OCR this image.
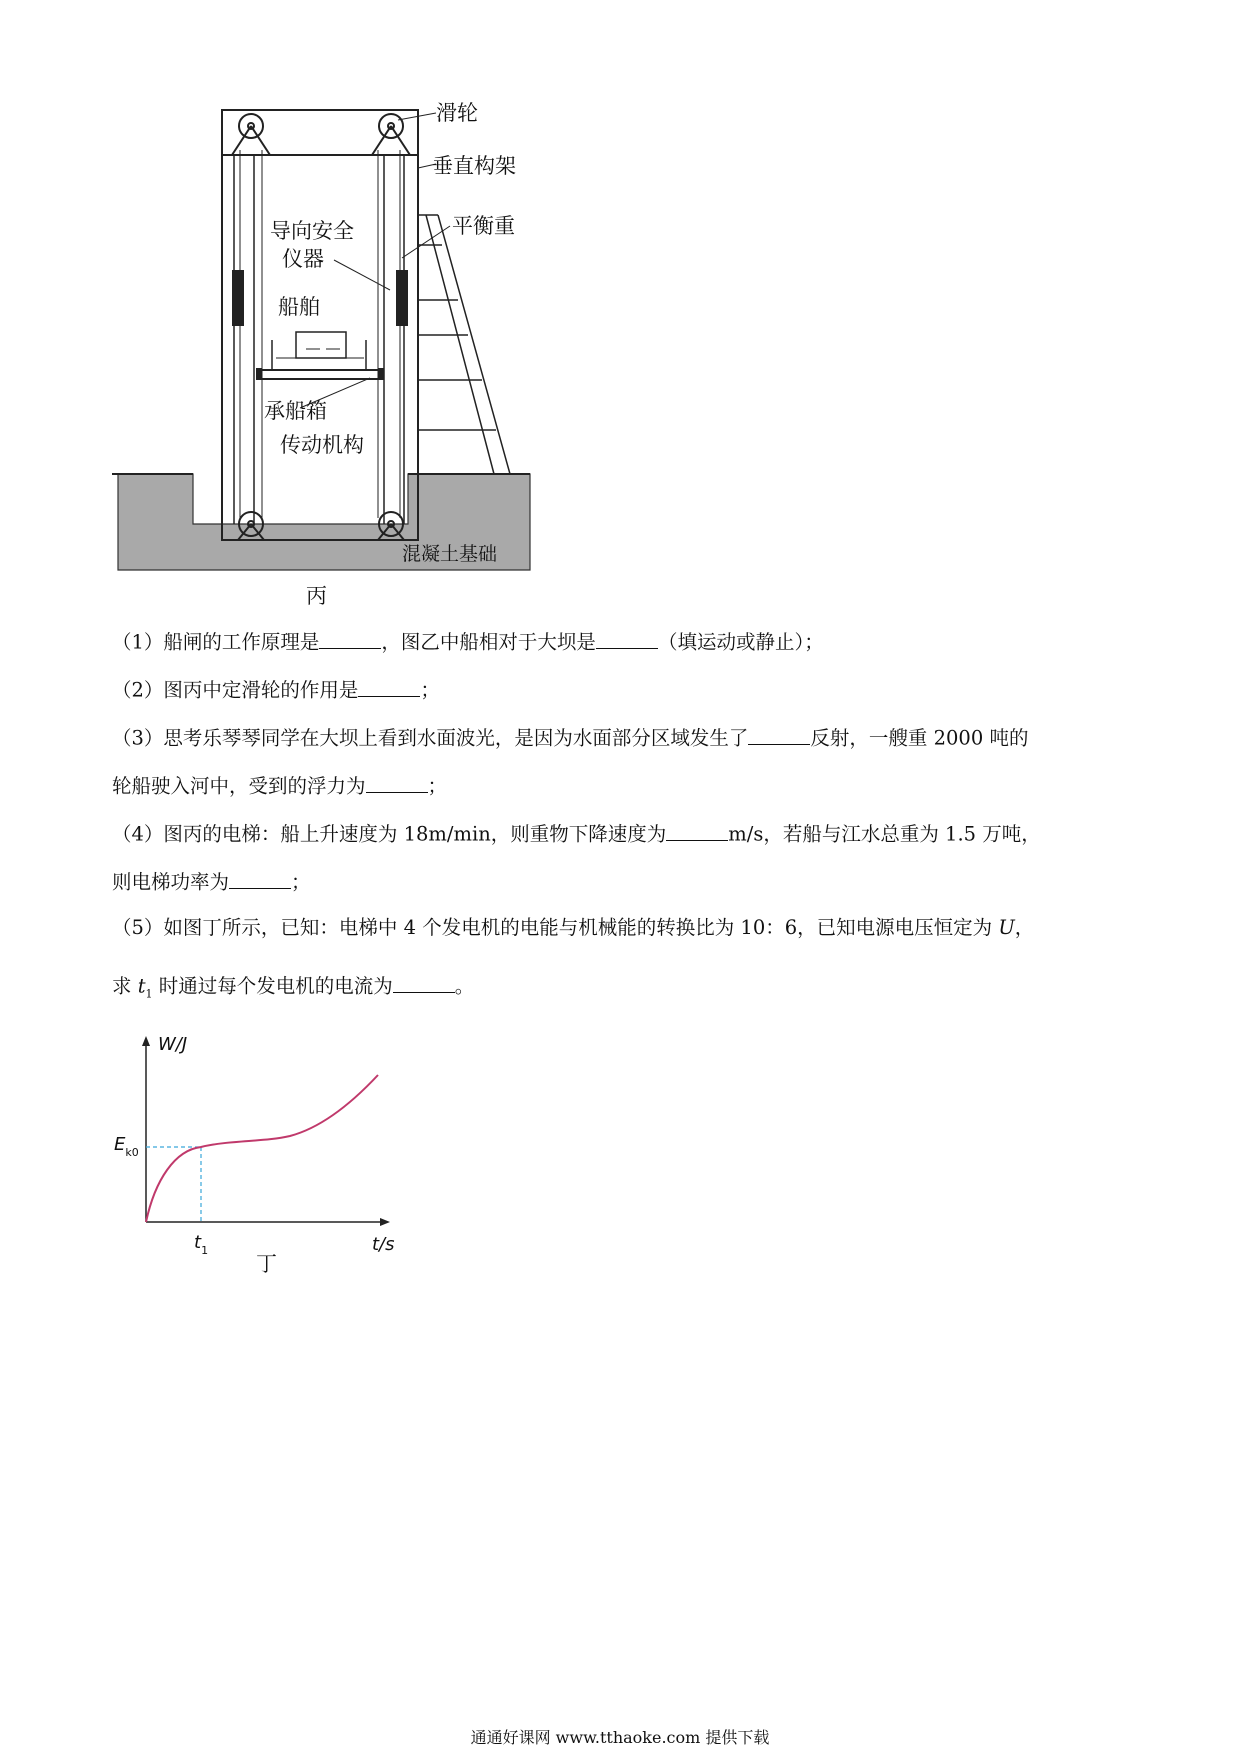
滑轮
垂直构架
平衡重
导向安全
仪器
船舶
承船箱
传动机构
混凝土基础
丙
（1）船闸的工作原理是	，图乙中船相对于大坝是	（填运动或静止）；
（2）图丙中定滑轮的作用是	；
（3）思考乐琴琴同学在大坝上看到水面波光，是因为水面部分区域发生了	反射，一艘重 2000 吨的
轮船驶入河中，受到的浮力为	；
（4）图丙的电梯：船上升速度为 18m/min，则重物下降速度为	m/s，若船与江水总重为 1.5 万吨，
则电梯功率为	；
（5）如图丁所示，已知：电梯中 4 个发电机的电能与机械能的转换比为 10：6，已知电源电压恒定为 U，
求 $t_1$ 时通过每个发电机的电流为	。
W/J
t/s
$E_{k0}$
$t_1$
丁
通通好课网 www.tthaoke.com 提供下载
